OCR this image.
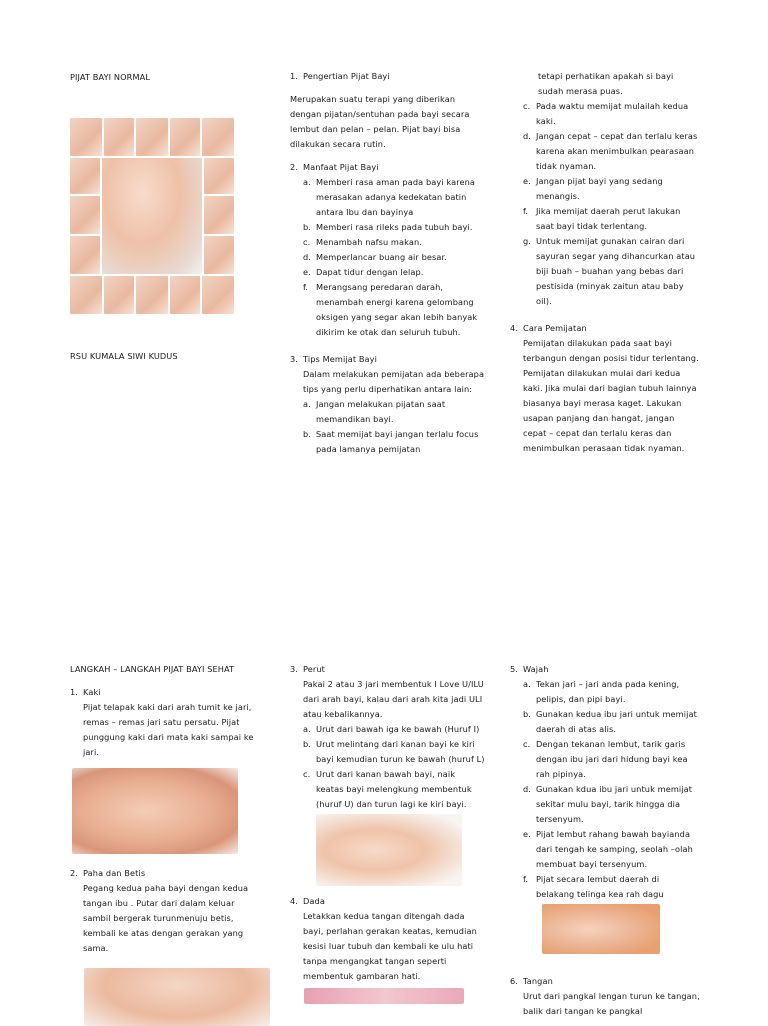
PIJAT BAYI NORMAL

RSU KUMALA SIWI KUDUS

1. Pengertian Pijat Bayi

Merupakan suatu terapi yang diberikan dengan pijatan/sentuhan pada bayi secara lembut dan pelan – pelan. Pijat bayi bisa dilakukan secara rutin.

2. Manfaat Pijat Bayi
a. Memberi rasa aman pada bayi karena merasakan adanya kedekatan batin antara Ibu dan bayinya
b. Memberi rasa rileks pada tubuh bayi.
c. Menambah nafsu makan.
d. Memperlancar buang air besar.
e. Dapat tidur dengan lelap.
f. Merangsang peredaran darah, menambah energi karena gelombang oksigen yang segar akan lebih banyak dikirim ke otak dan seluruh tubuh.
3. Tips Memijat Bayi

Dalam melakukan pemijatan ada beberapa tips yang perlu diperhatikan antara lain:

a. Jangan melakukan pijatan saat memandikan bayi.
b. Saat memijat bayi jangan terlalu focus pada lamanya pemijatan

tetapi perhatikan apakah si bayi sudah merasa puas.

c. Pada waktu memijat mulailah kedua kaki.
d. Jangan cepat – cepat dan terlalu keras karena akan menimbulkan pearasaan tidak nyaman.
e. Jangan pijat bayi yang sedang menangis.
f. Jika memijat daerah perut lakukan saat bayi tidak terlentang.
g. Untuk memijat gunakan cairan dari sayuran segar yang dihancurkan atau biji buah – buahan yang bebas dari pestisida (minyak zaitun atau baby oil).
4. Cara Pemijatan

Pemijatan dilakukan pada saat bayi terbangun dengan posisi tidur terlentang. Pemijatan dilakukan mulai dari kedua kaki. Jika mulai dari bagian tubuh lainnya biasanya bayi merasa kaget. Lakukan usapan panjang dan hangat, jangan cepat – cepat dan terlalu keras dan menimbulkan perasaan tidak nyaman.

LANGKAH – LANGKAH PIJAT BAYI SEHAT

1. Kaki

Pijat telapak kaki dari arah tumit ke jari, remas – remas jari satu persatu. Pijat punggung kaki dari mata kaki sampai ke jari.

2. Paha dan Betis

Pegang kedua paha bayi dengan kedua tangan ibu . Putar dari dalam keluar sambil bergerak turunmenuju betis, kembali ke atas dengan gerakan yang sama.

3. Perut

Pakai 2 atau 3 jari membentuk I Love U/ILU dari arah bayi, kalau dari arah kita jadi ULI atau kebalikannya.

a. Urut dari bawah iga ke bawah (Huruf I)
b. Urut melintang dari kanan bayi ke kiri bayi kemudian turun ke bawah (huruf L)
c. Urut dari kanan bawah bayi, naik keatas bayi melengkung membentuk (huruf U) dan turun lagi ke kiri bayi.
4. Dada

Letakkan kedua tangan ditengah dada bayi, perlahan gerakan keatas, kemudian kesisi luar tubuh dan kembali ke ulu hati tanpa mengangkat tangan seperti membentuk gambaran hati.

5. Wajah
a. Tekan jari – jari anda pada kening, pelipis, dan pipi bayi.
b. Gunakan kedua ibu jari untuk memijat daerah di atas alis.
c. Dengan tekanan lembut, tarik garis dengan ibu jari dari hidung bayi kea rah pipinya.
d. Gunakan kdua ibu jari untuk memijat sekitar mulu bayi, tarik hingga dia tersenyum.
e. Pijat lembut rahang bawah bayianda dari tengah ke samping, seolah –olah membuat bayi tersenyum.
f. Pijat secara lembut daerah di belakang telinga kea rah dagu
6. Tangan

Urut dari pangkal lengan turun ke tangan, balik dari tangan ke pangkal
